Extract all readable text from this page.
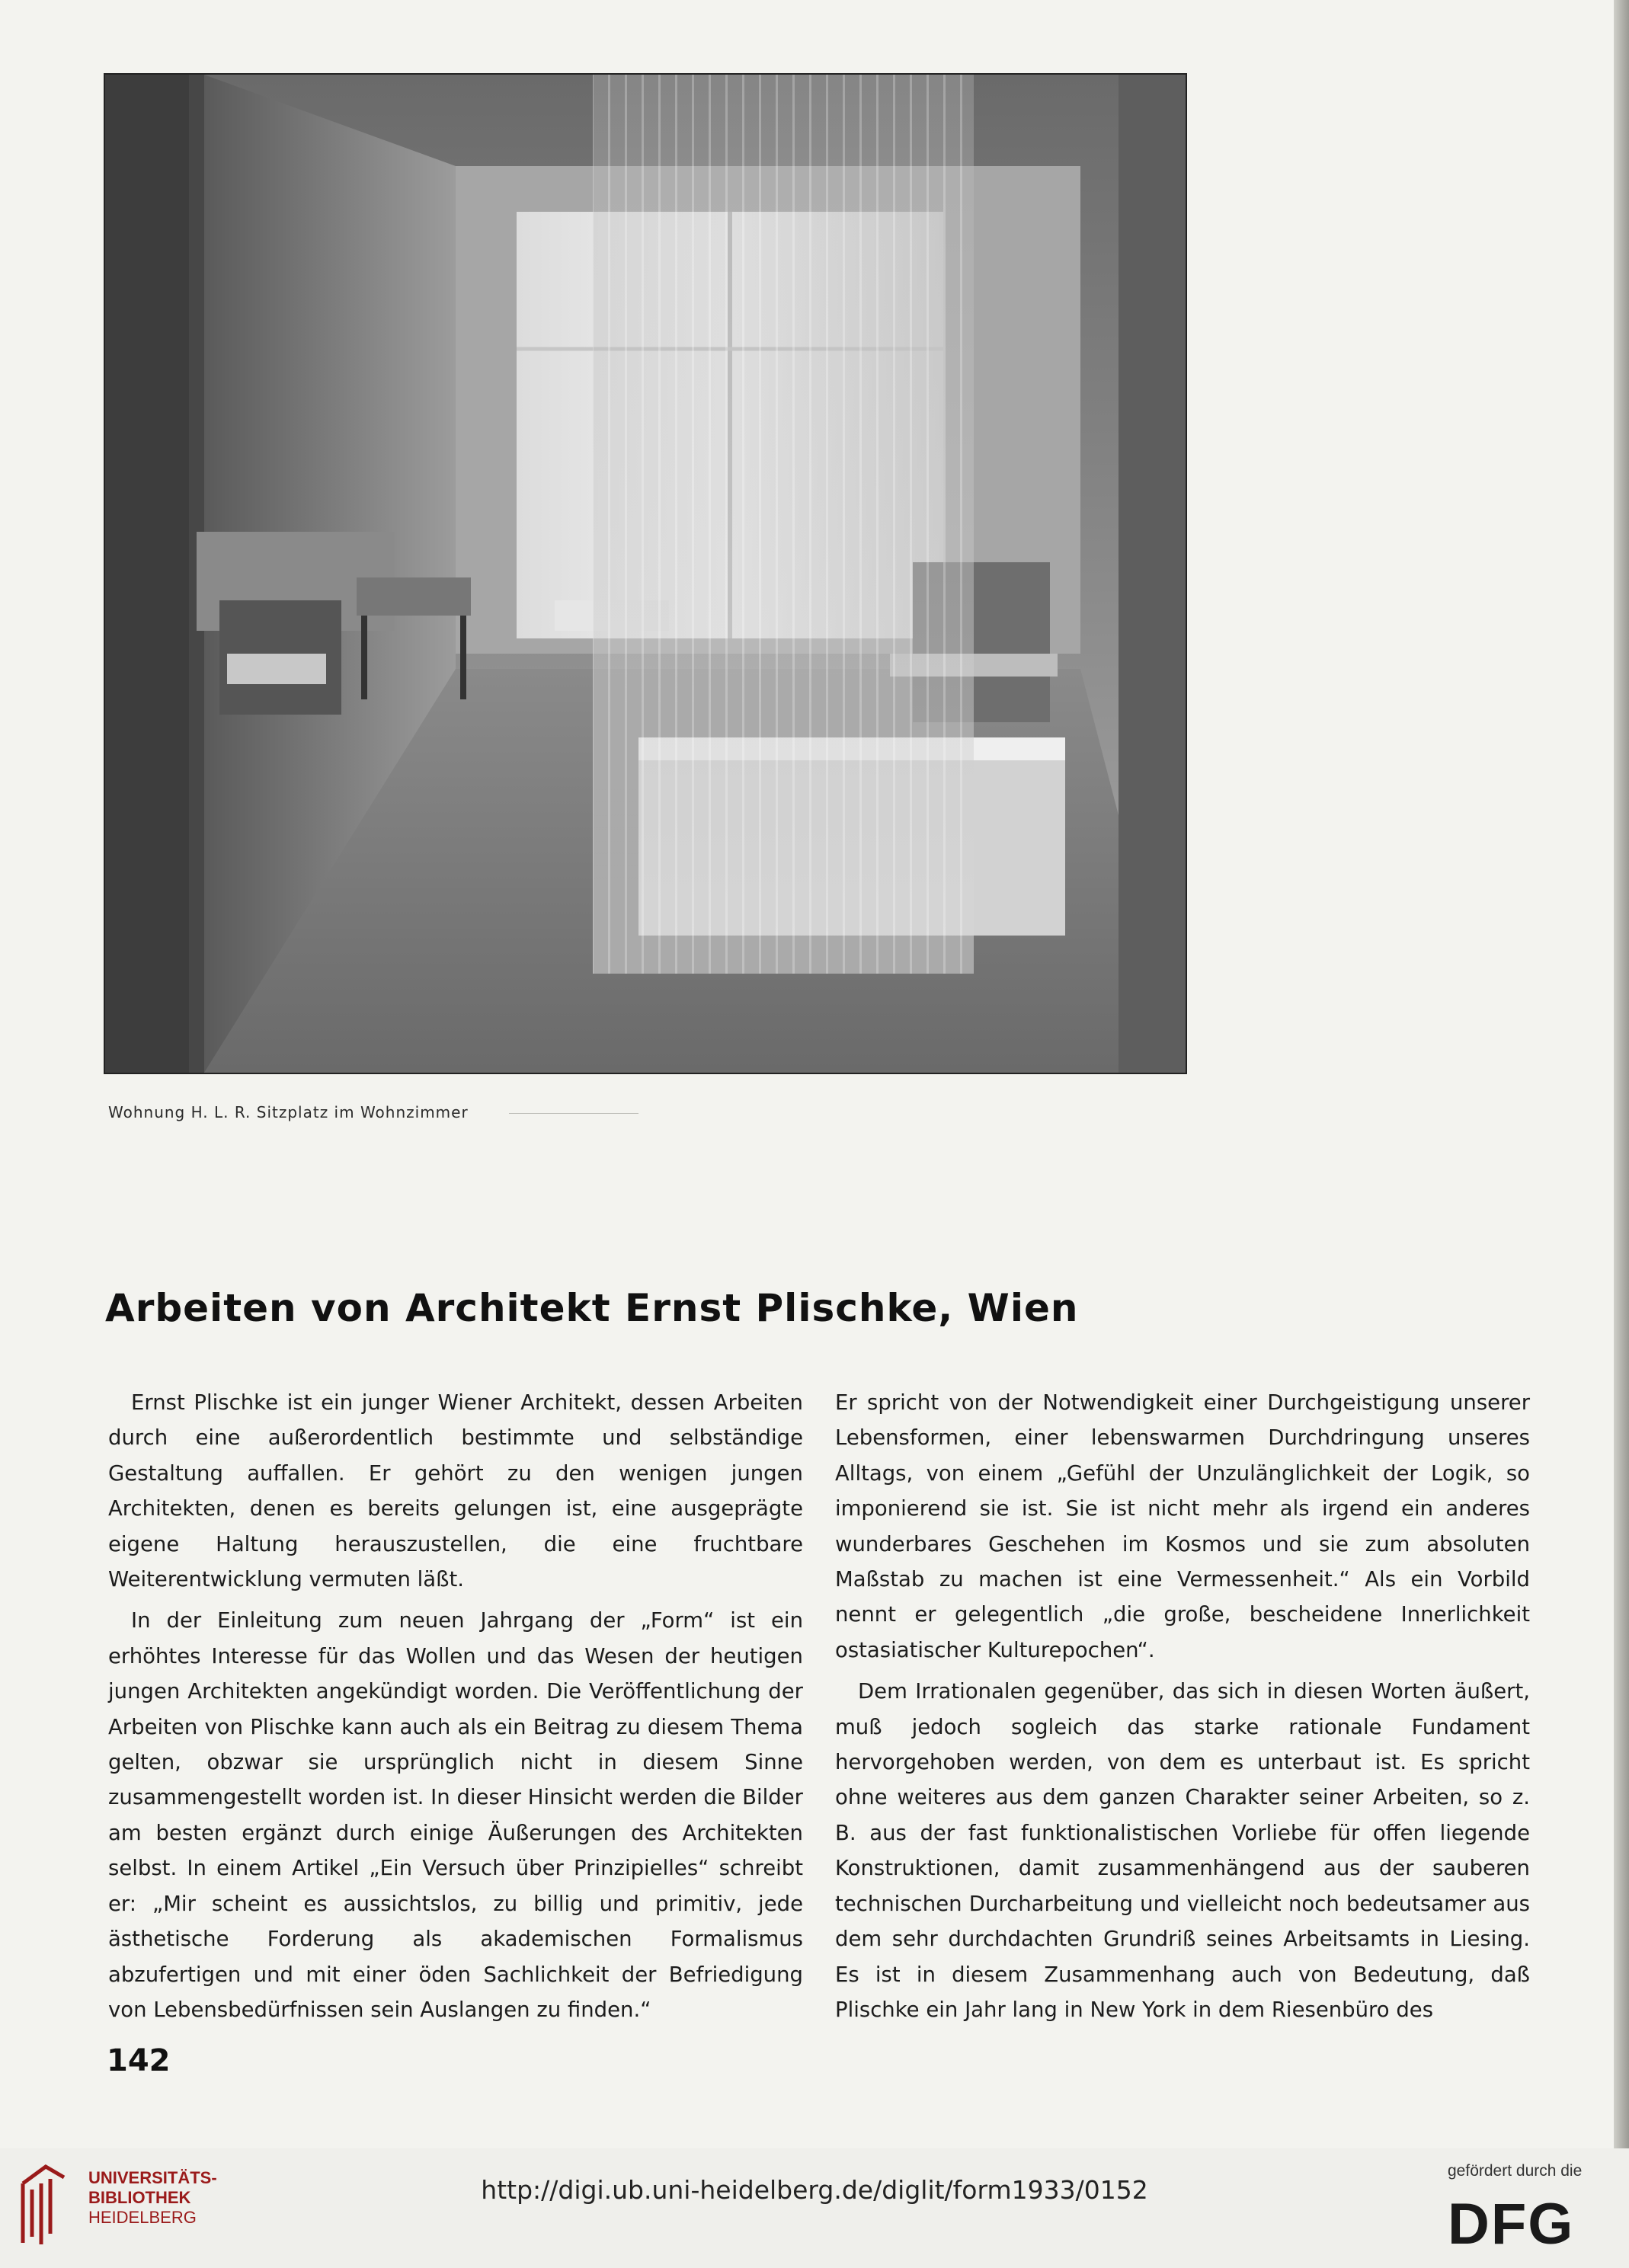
Wohnung H. L. R. Sitzplatz im Wohnzimmer
Arbeiten von Architekt Ernst Plischke, Wien

Ernst Plischke ist ein junger Wiener Architekt, dessen Arbeiten durch eine außerordentlich bestimmte und selbständige Gestaltung auffallen. Er gehört zu den wenigen jungen Architekten, denen es bereits gelungen ist, eine ausgeprägte eigene Haltung herauszustellen, die eine fruchtbare Weiterentwicklung vermuten läßt.

In der Einleitung zum neuen Jahrgang der „Form“ ist ein erhöhtes Interesse für das Wollen und das Wesen der heutigen jungen Architekten angekündigt worden. Die Veröffentlichung der Arbeiten von Plischke kann auch als ein Beitrag zu diesem Thema gelten, obzwar sie ursprünglich nicht in diesem Sinne zusammengestellt worden ist. In dieser Hinsicht werden die Bilder am besten ergänzt durch einige Äußerungen des Architekten selbst. In einem Artikel „Ein Versuch über Prinzipielles“ schreibt er: „Mir scheint es aussichtslos, zu billig und primitiv, jede ästhetische Forderung als akademischen Formalismus abzufertigen und mit einer öden Sachlichkeit der Befriedigung von Lebensbedürfnissen sein Auslangen zu finden.“

Er spricht von der Notwendigkeit einer Durchgeistigung unserer Lebensformen, einer lebenswarmen Durchdringung unseres Alltags, von einem „Gefühl der Unzulänglichkeit der Logik, so imponierend sie ist. Sie ist nicht mehr als irgend ein anderes wunderbares Geschehen im Kosmos und sie zum absoluten Maßstab zu machen ist eine Vermessenheit.“ Als ein Vorbild nennt er gelegentlich „die große, bescheidene Innerlichkeit ostasiatischer Kulturepochen“.

Dem Irrationalen gegenüber, das sich in diesen Worten äußert, muß jedoch sogleich das starke rationale Fundament hervorgehoben werden, von dem es unterbaut ist. Es spricht ohne weiteres aus dem ganzen Charakter seiner Arbeiten, so z. B. aus der fast funktionalistischen Vorliebe für offen liegende Konstruktionen, damit zusammenhängend aus der sauberen technischen Durcharbeitung und vielleicht noch bedeutsamer aus dem sehr durchdachten Grundriß seines Arbeitsamts in Liesing. Es ist in diesem Zusammenhang auch von Bedeutung, daß Plischke ein Jahr lang in New York in dem Riesenbüro des

142
UNIVERSITÄTS-
BIBLIOTHEK
HEIDELBERG
http://digi.ub.uni-heidelberg.de/diglit/form1933/0152
gefördert durch die
DFG
